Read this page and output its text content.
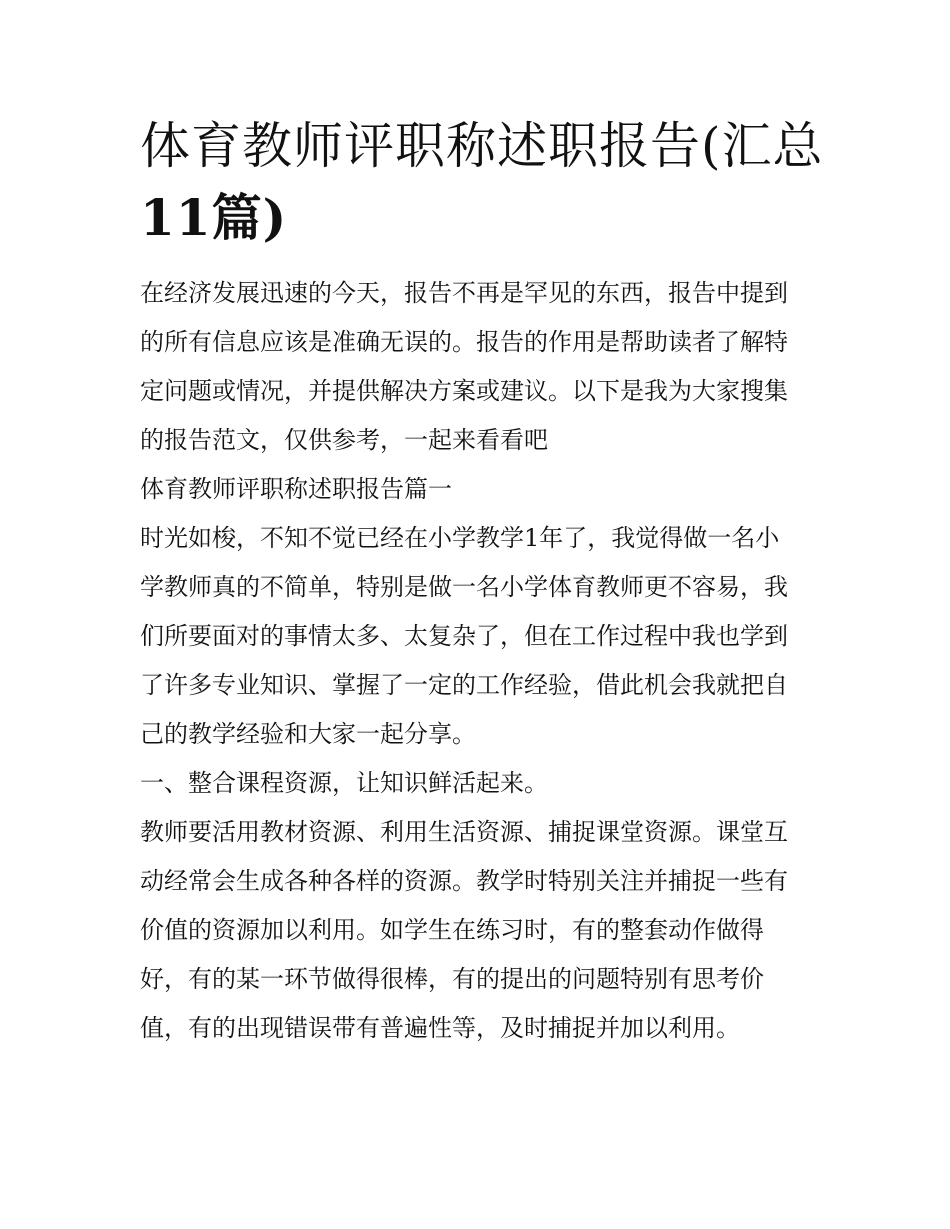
体育教师评职称述职报告(汇总

11篇)

在经济发展迅速的今天，报告不再是罕见的东西，报告中提到

的所有信息应该是准确无误的。报告的作用是帮助读者了解特

定问题或情况，并提供解决方案或建议。以下是我为大家搜集

的报告范文，仅供参考，一起来看看吧

体育教师评职称述职报告篇一

时光如梭，不知不觉已经在小学教学1年了，我觉得做一名小

学教师真的不简单，特别是做一名小学体育教师更不容易，我

们所要面对的事情太多、太复杂了，但在工作过程中我也学到

了许多专业知识、掌握了一定的工作经验，借此机会我就把自

己的教学经验和大家一起分享。

一、整合课程资源，让知识鲜活起来。

教师要活用教材资源、利用生活资源、捕捉课堂资源。课堂互

动经常会生成各种各样的资源。教学时特别关注并捕捉一些有

价值的资源加以利用。如学生在练习时，有的整套动作做得

好，有的某一环节做得很棒，有的提出的问题特别有思考价

值，有的出现错误带有普遍性等，及时捕捉并加以利用。
